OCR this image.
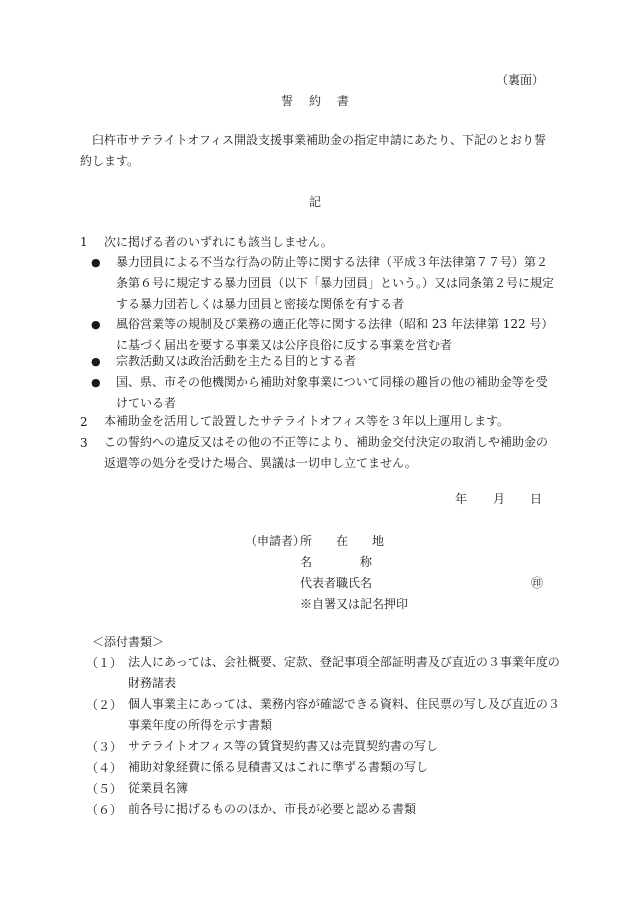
（裏面）
誓 約 書
臼杵市サテライトオフィス開設支援事業補助金の指定申請にあたり、下記のとおり誓約します。
記
1 次に掲げる者のいずれにも該当しません。
● 暴力団員による不当な行為の防止等に関する法律（平成３年法律第７７号）第２条第６号に規定する暴力団員（以下「暴力団員」という。）又は同条第２号に規定する暴力団若しくは暴力団員と密接な関係を有する者
● 風俗営業等の規制及び業務の適正化等に関する法律（昭和 23 年法律第 122 号）に基づく届出を要する事業又は公序良俗に反する事業を営む者
● 宗教活動又は政治活動を主たる目的とする者
● 国、県、市その他機関から補助対象事業について同様の趣旨の他の補助金等を受けている者
2 本補助金を活用して設置したサテライトオフィス等を３年以上運用します。
3 この誓約への違反又はその他の不正等により、補助金交付決定の取消しや補助金の返還等の処分を受けた場合、異議は一切申し立てません。
年 月 日
（申請者）
所　　在　　地
名　　　　称
代表者職氏名	㊞
※自署又は記名押印
＜添付書類＞
（１） 法人にあっては、会社概要、定款、登記事項全部証明書及び直近の３事業年度の財務諸表
（２） 個人事業主にあっては、業務内容が確認できる資料、住民票の写し及び直近の３事業年度の所得を示す書類
（３） サテライトオフィス等の賃貸契約書又は売買契約書の写し
（４） 補助対象経費に係る見積書又はこれに準ずる書類の写し
（５） 従業員名簿
（６） 前各号に掲げるもののほか、市長が必要と認める書類
